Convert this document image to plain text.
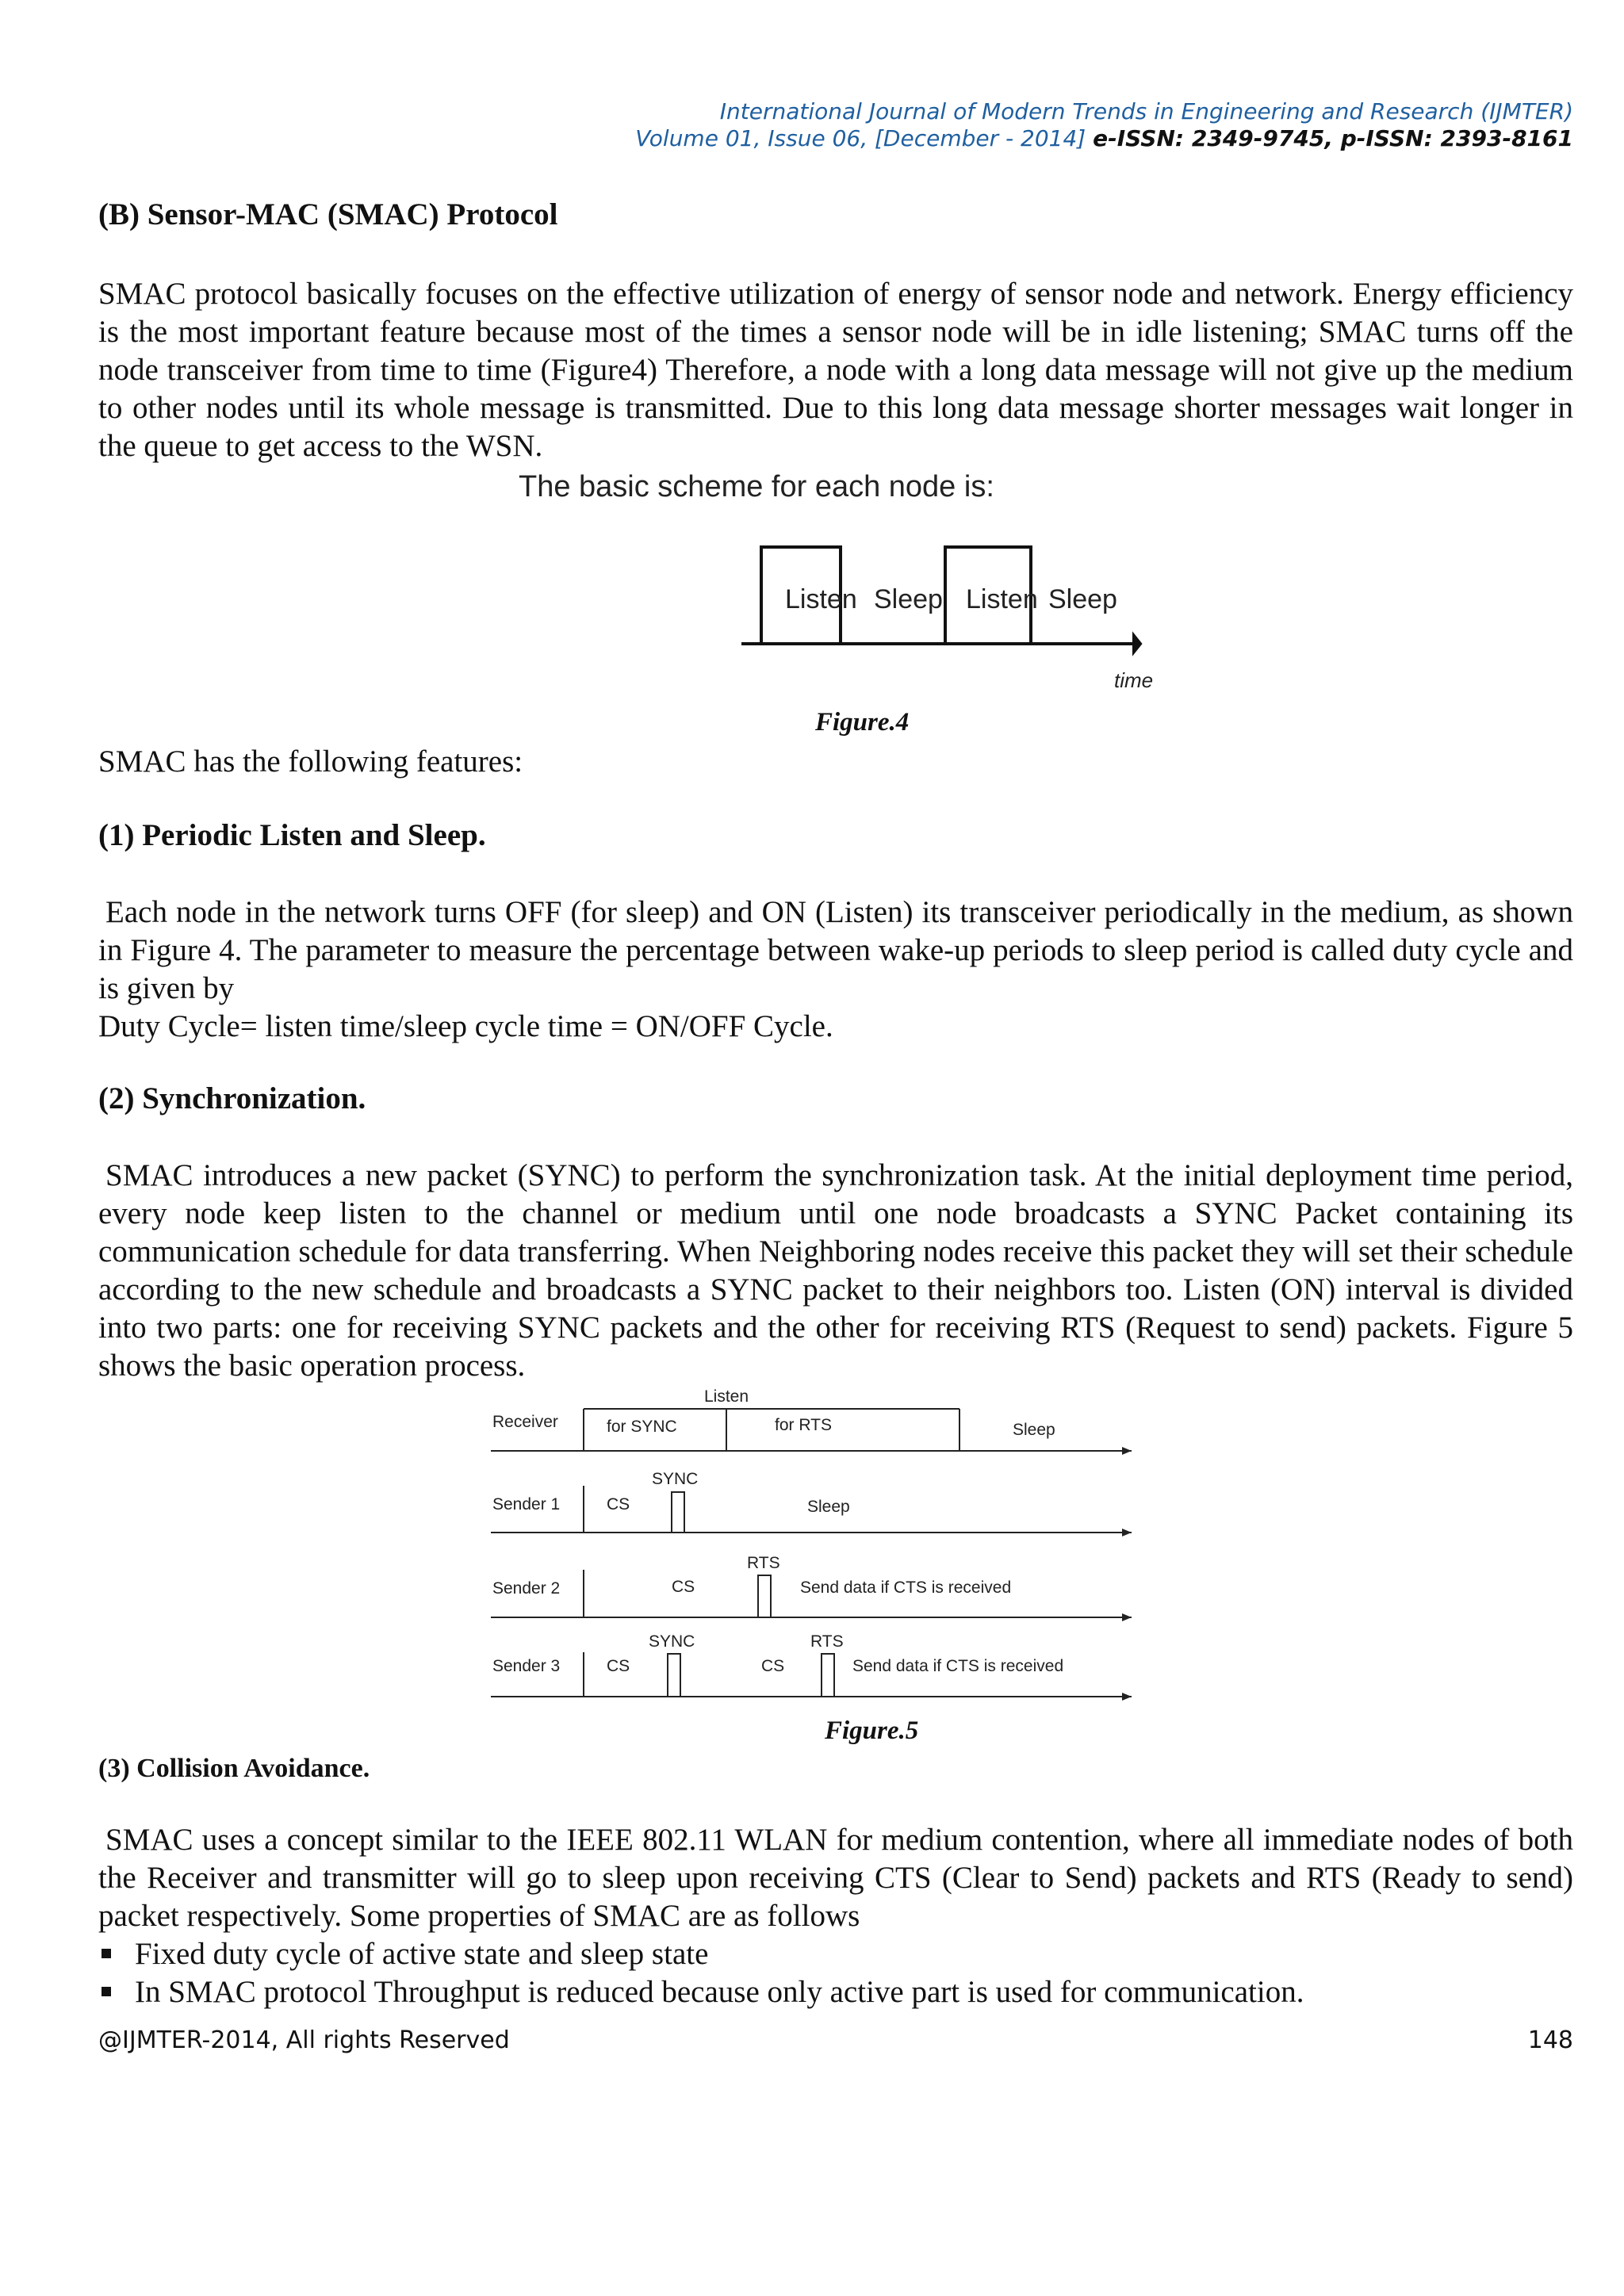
International Journal of Modern Trends in Engineering and Research (IJMTER)
Volume 01, Issue 06, [December - 2014] e-ISSN: 2349-9745, p-ISSN: 2393-8161
(B) Sensor-MAC (SMAC) Protocol

SMAC protocol basically focuses on the effective utilization of energy of sensor node and network. Energy efficiency is the most important feature because most of the times a sensor node will be in idle listening; SMAC turns off the node transceiver from time to time (Figure4) Therefore, a node with a long data message will not give up the medium to other nodes until its whole message is transmitted. Due to this long data message shorter messages wait longer in the queue to get access to the WSN.

The basic scheme for each node is:
Listen Sleep Listen Sleep
time
Figure.4

SMAC has the following features:

(1) Periodic Listen and Sleep.

Each node in the network turns OFF (for sleep) and ON (Listen) its transceiver periodically in the medium, as shown in Figure 4. The parameter to measure the percentage between wake-up periods to sleep period is called duty cycle and is given by

Duty Cycle= listen time/sleep cycle time = ON/OFF Cycle.

(2) Synchronization.

SMAC introduces a new packet (SYNC) to perform the synchronization task. At the initial deployment time period, every node keep listen to the channel or medium until one node broadcasts a SYNC Packet containing its communication schedule for data transferring. When Neighboring nodes receive this packet they will set their schedule according to the new schedule and broadcasts a SYNC packet to their neighbors too. Listen (ON) interval is divided into two parts: one for receiving SYNC packets and the other for receiving RTS (Request to send) packets. Figure 5 shows the basic operation process.

Listen
Receiver	for SYNC	for RTS	Sleep
Sender 1	CS
SYNC
Sleep
Sender 2	CS
RTS
Send data if CTS is received
Sender 3	CS
SYNC
CS
RTS
Send data if CTS is received
Figure.5
(3) Collision Avoidance.

SMAC uses a concept similar to the IEEE 802.11 WLAN for medium contention, where all immediate nodes of both the Receiver and transmitter will go to sleep upon receiving CTS (Clear to Send) packets and RTS (Ready to send) packet respectively. Some properties of SMAC are as follows

Fixed duty cycle of active state and sleep state
In SMAC protocol Throughput is reduced because only active part is used for communication.
@IJMTER-2014, All rights Reserved	148
